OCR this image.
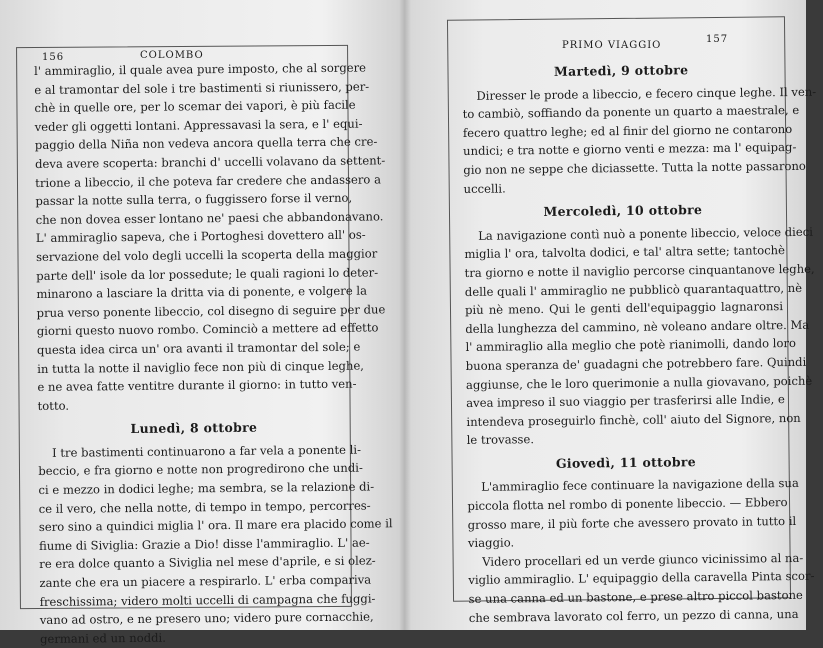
156	COLOMBO
l' ammiraglio, il quale avea pure imposto, che al sorgere
e al tramontar del sole i tre bastimenti si riunissero, per-
chè in quelle ore, per lo scemar dei vapori, è più facile
veder gli oggetti lontani. Appressavasi la sera, e l' equi-
paggio della Niña non vedeva ancora quella terra che cre-
deva avere scoperta: branchi d' uccelli volavano da settent-
trione a libeccio, il che poteva far credere che andassero a
passar la notte sulla terra, o fuggissero forse il verno,
che non dovea esser lontano ne' paesi che abbandonavano.
L' ammiraglio sapeva, che i Portoghesi dovettero all' os-
servazione del volo degli uccelli la scoperta della maggior
parte dell' isole da lor possedute; le quali ragioni lo deter-
minarono a lasciare la dritta via di ponente, e volgere la
prua verso ponente libeccio, col disegno di seguire per due
giorni questo nuovo rombo. Cominciò a mettere ad effetto
questa idea circa un' ora avanti il tramontar del sole; e
in tutta la notte il naviglio fece non più di cinque leghe,
e ne avea fatte ventitre durante il giorno: in tutto ven-
totto.
Lunedì, 8 ottobre
I tre bastimenti continuarono a far vela a ponente li-
beccio, e fra giorno e notte non progredirono che undi-
ci e mezzo in dodici leghe; ma sembra, se la relazione di-
ce il vero, che nella notte, di tempo in tempo, percorres-
sero sino a quindici miglia l' ora. Il mare era placido come il
fiume di Siviglia: Grazie a Dio! disse l'ammiraglio. L' ae-
re era dolce quanto a Siviglia nel mese d'aprile, e si olez-
zante che era un piacere a respirarlo. L' erba compariva
freschissima; videro molti uccelli di campagna che fuggi-
vano ad ostro, e ne presero uno; videro pure cornacchie,
germani ed un noddi.
PRIMO VIAGGIO
157
Martedì, 9 ottobre
Diresser le prode a libeccio, e fecero cinque leghe. Il ven-
to cambiò, soffiando da ponente un quarto a maestrale, e
fecero quattro leghe; ed al finir del giorno ne contarono
undici; e tra notte e giorno venti e mezza: ma l' equipag-
gio non ne seppe che diciassette. Tutta la notte passarono
uccelli.
Mercoledì, 10 ottobre
La navigazione contì nuò a ponente libeccio, veloce dieci
miglia l' ora, talvolta dodici, e tal' altra sette; tantochè
tra giorno e notte il naviglio percorse cinquantanove leghe,
delle quali l' ammiraglio ne pubblicò quarantaquattro, nè
più nè meno. Qui le genti dell'equipaggio lagnaronsi
della lunghezza del cammino, nè voleano andare oltre. Ma
l' ammiraglio alla meglio che potè rianimolli, dando loro
buona speranza de' guadagni che potrebbero fare. Quindi
aggiunse, che le loro querimonie a nulla giovavano, poichè
avea impreso il suo viaggio per trasferirsi alle Indie, e
intendeva proseguirlo finchè, coll' aiuto del Signore, non
le trovasse.
Giovedì, 11 ottobre
L'ammiraglio fece continuare la navigazione della sua
piccola flotta nel rombo di ponente libeccio. — Ebbero
grosso mare, il più forte che avessero provato in tutto il
viaggio.
Videro procellari ed un verde giunco vicinissimo al na-
viglio ammiraglio. L' equipaggio della caravella Pinta scor-
se una canna ed un bastone, e prese altro piccol bastone
che sembrava lavorato col ferro, un pezzo di canna, una
